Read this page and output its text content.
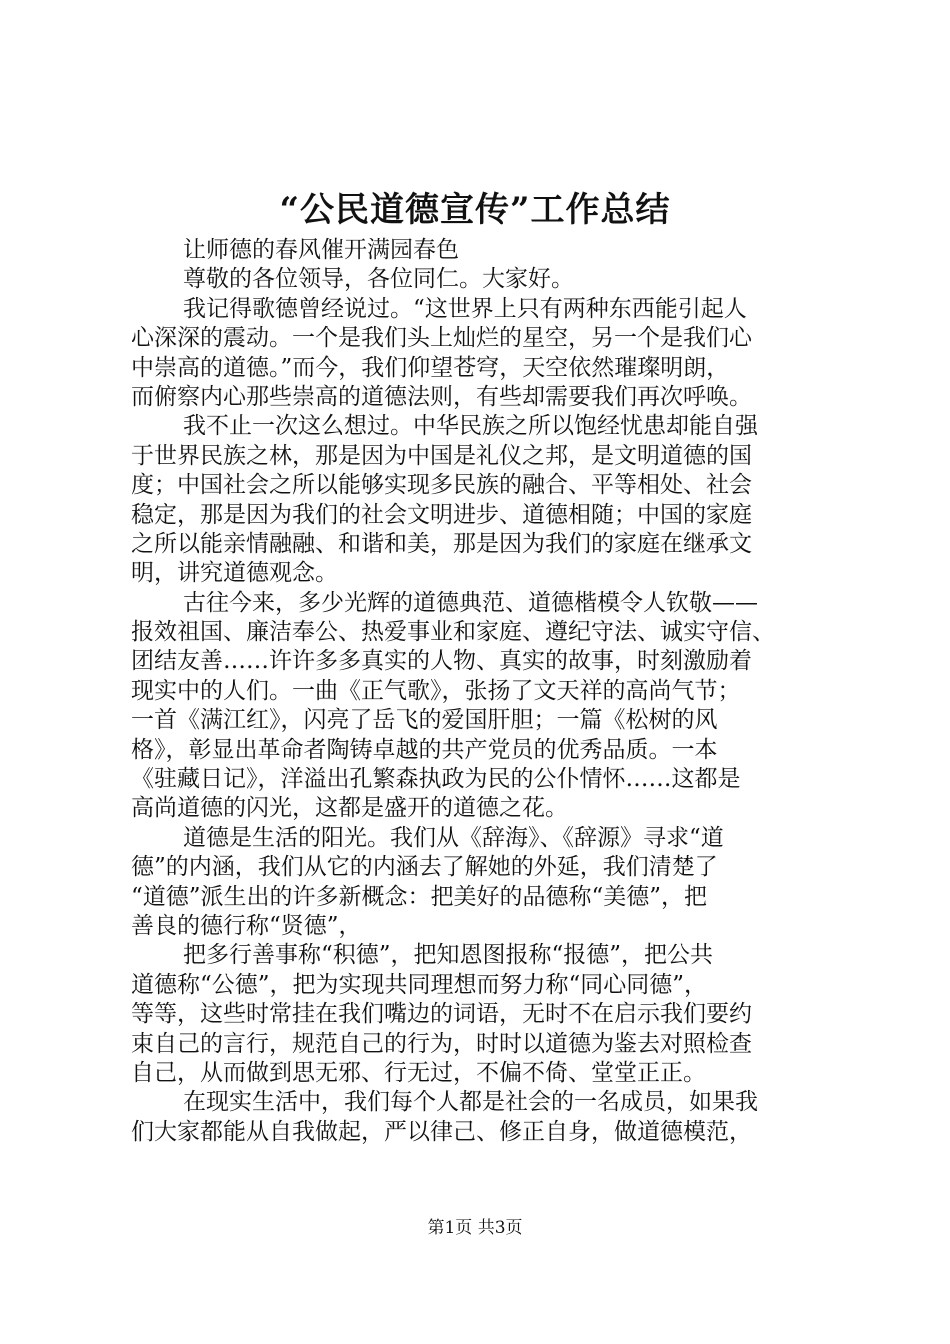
“公民道德宣传”工作总结
让师德的春风催开满园春色
尊敬的各位领导，各位同仁。大家好。
我记得歌德曾经说过。“这世界上只有两种东西能引起人
心深深的震动。一个是我们头上灿烂的星空，另一个是我们心
中崇高的道德。”而今，我们仰望苍穹，天空依然璀璨明朗，
而俯察内心那些崇高的道德法则，有些却需要我们再次呼唤。
我不止一次这么想过。中华民族之所以饱经忧患却能自强
于世界民族之林，那是因为中国是礼仪之邦，是文明道德的国
度；中国社会之所以能够实现多民族的融合、平等相处、社会
稳定，那是因为我们的社会文明进步、道德相随；中国的家庭
之所以能亲情融融、和谐和美，那是因为我们的家庭在继承文
明，讲究道德观念。
古往今来，多少光辉的道德典范、道德楷模令人钦敬——
报效祖国、廉洁奉公、热爱事业和家庭、遵纪守法、诚实守信、
团结友善……许许多多真实的人物、真实的故事，时刻激励着
现实中的人们。一曲《正气歌》，张扬了文天祥的高尚气节；
一首《满江红》，闪亮了岳飞的爱国肝胆；一篇《松树的风
格》，彰显出革命者陶铸卓越的共产党员的优秀品质。一本
《驻藏日记》，洋溢出孔繁森执政为民的公仆情怀……这都是
高尚道德的闪光，这都是盛开的道德之花。
道德是生活的阳光。我们从《辞海》、《辞源》寻求“道
德”的内涵，我们从它的内涵去了解她的外延，我们清楚了
“道德”派生出的许多新概念：把美好的品德称“美德”，把
善良的德行称“贤德”，
把多行善事称“积德”，把知恩图报称“报德”，把公共
道德称“公德”，把为实现共同理想而努力称“同心同德”，
等等，这些时常挂在我们嘴边的词语，无时不在启示我们要约
束自己的言行，规范自己的行为，时时以道德为鉴去对照检查
自己，从而做到思无邪、行无过，不偏不倚、堂堂正正。
在现实生活中，我们每个人都是社会的一名成员，如果我
们大家都能从自我做起，严以律己、修正自身，做道德模范，
第1页 共3页
